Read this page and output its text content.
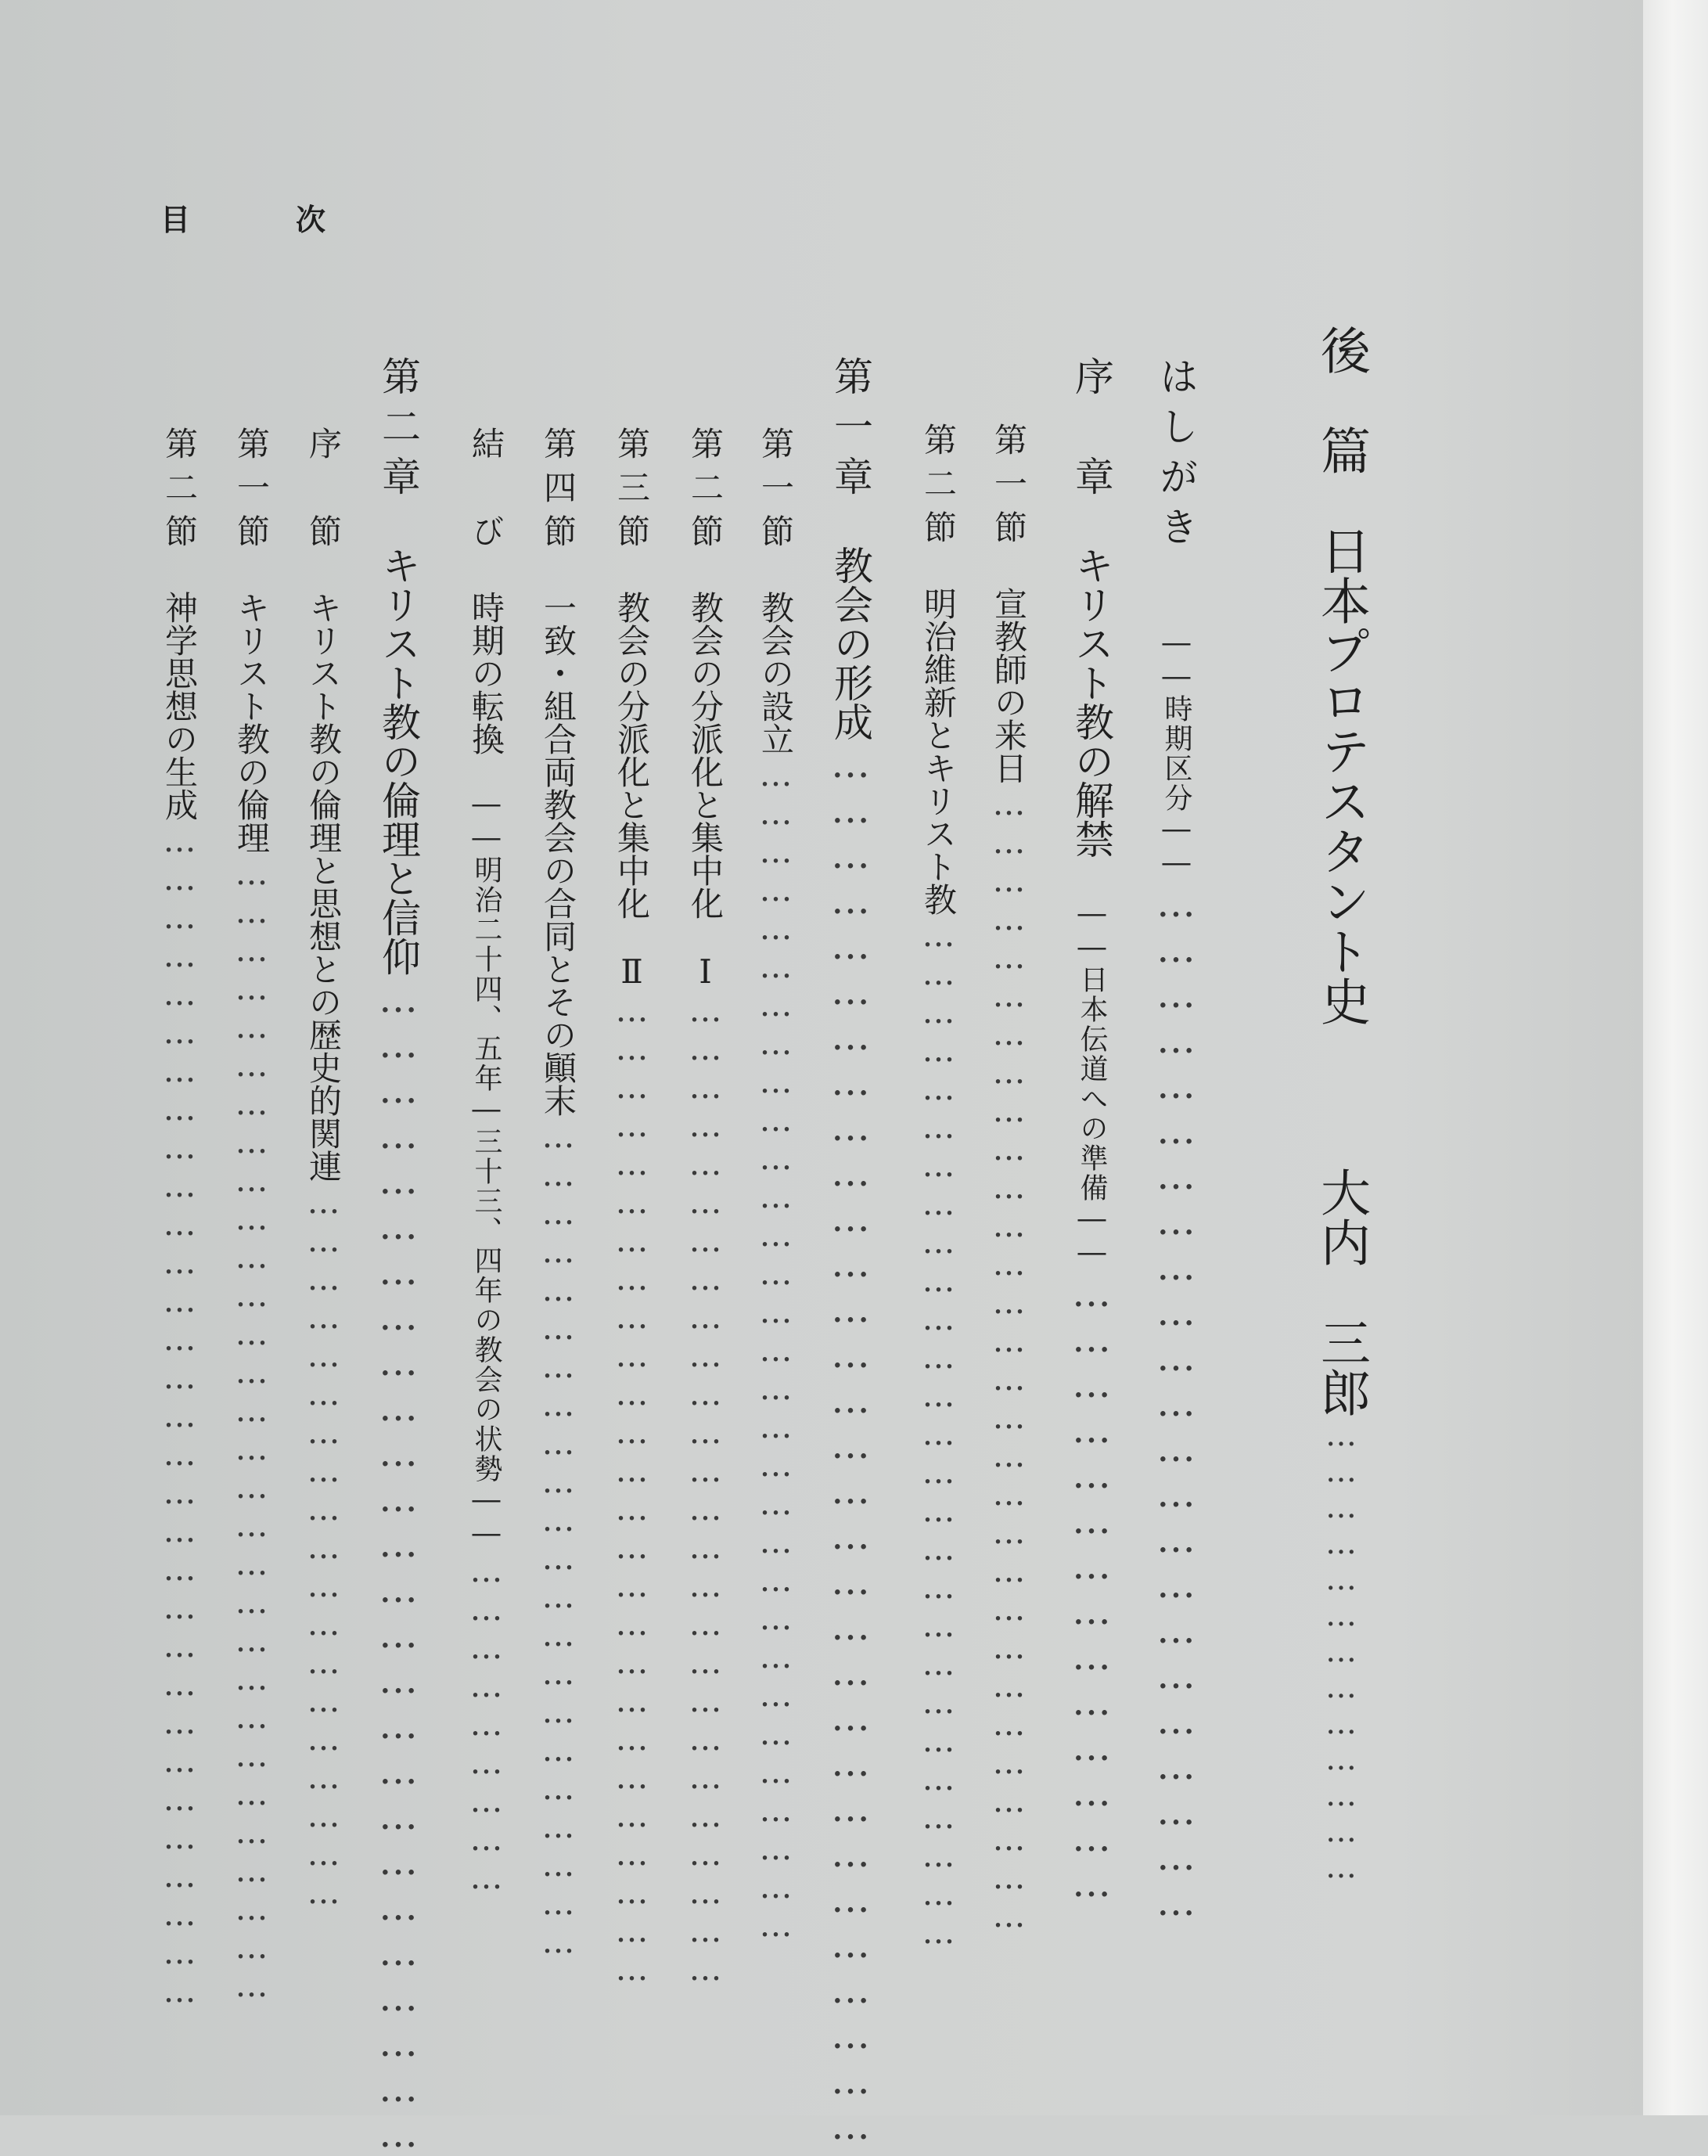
目	次
後　篇　日本プロテスタント史大内　三郎…………………………………
はしがき――時期区分――……………………………………………………………
序　章　キリスト教の解禁　――日本伝道への準備――……………………………………
第一節　宣教師の来日………………………………………………………………………………
第二節　明治維新とキリスト教………………………………………………………………………
第一章　教会の形成…………………………………………………………………………………
第一節　教会の設立…………………………………………………………………………………
第二節　教会の分派化と集中化　Ⅰ……………………………………………………………………
第三節　教会の分派化と集中化　Ⅱ……………………………………………………………………
第四節　一致・組合両教会の合同とその顚末…………………………………………………………
結　び　時期の転換　――明治二十四、五年―三十三、四年の教会の状勢――………………………
第二章　キリスト教の倫理と信仰……………………………………………………………………
序　節　キリスト教の倫理と思想との歴史的関連…………………………………………………
第一節　キリスト教の倫理………………………………………………………………………………
第二節　神学思想の生成…………………………………………………………………………………
